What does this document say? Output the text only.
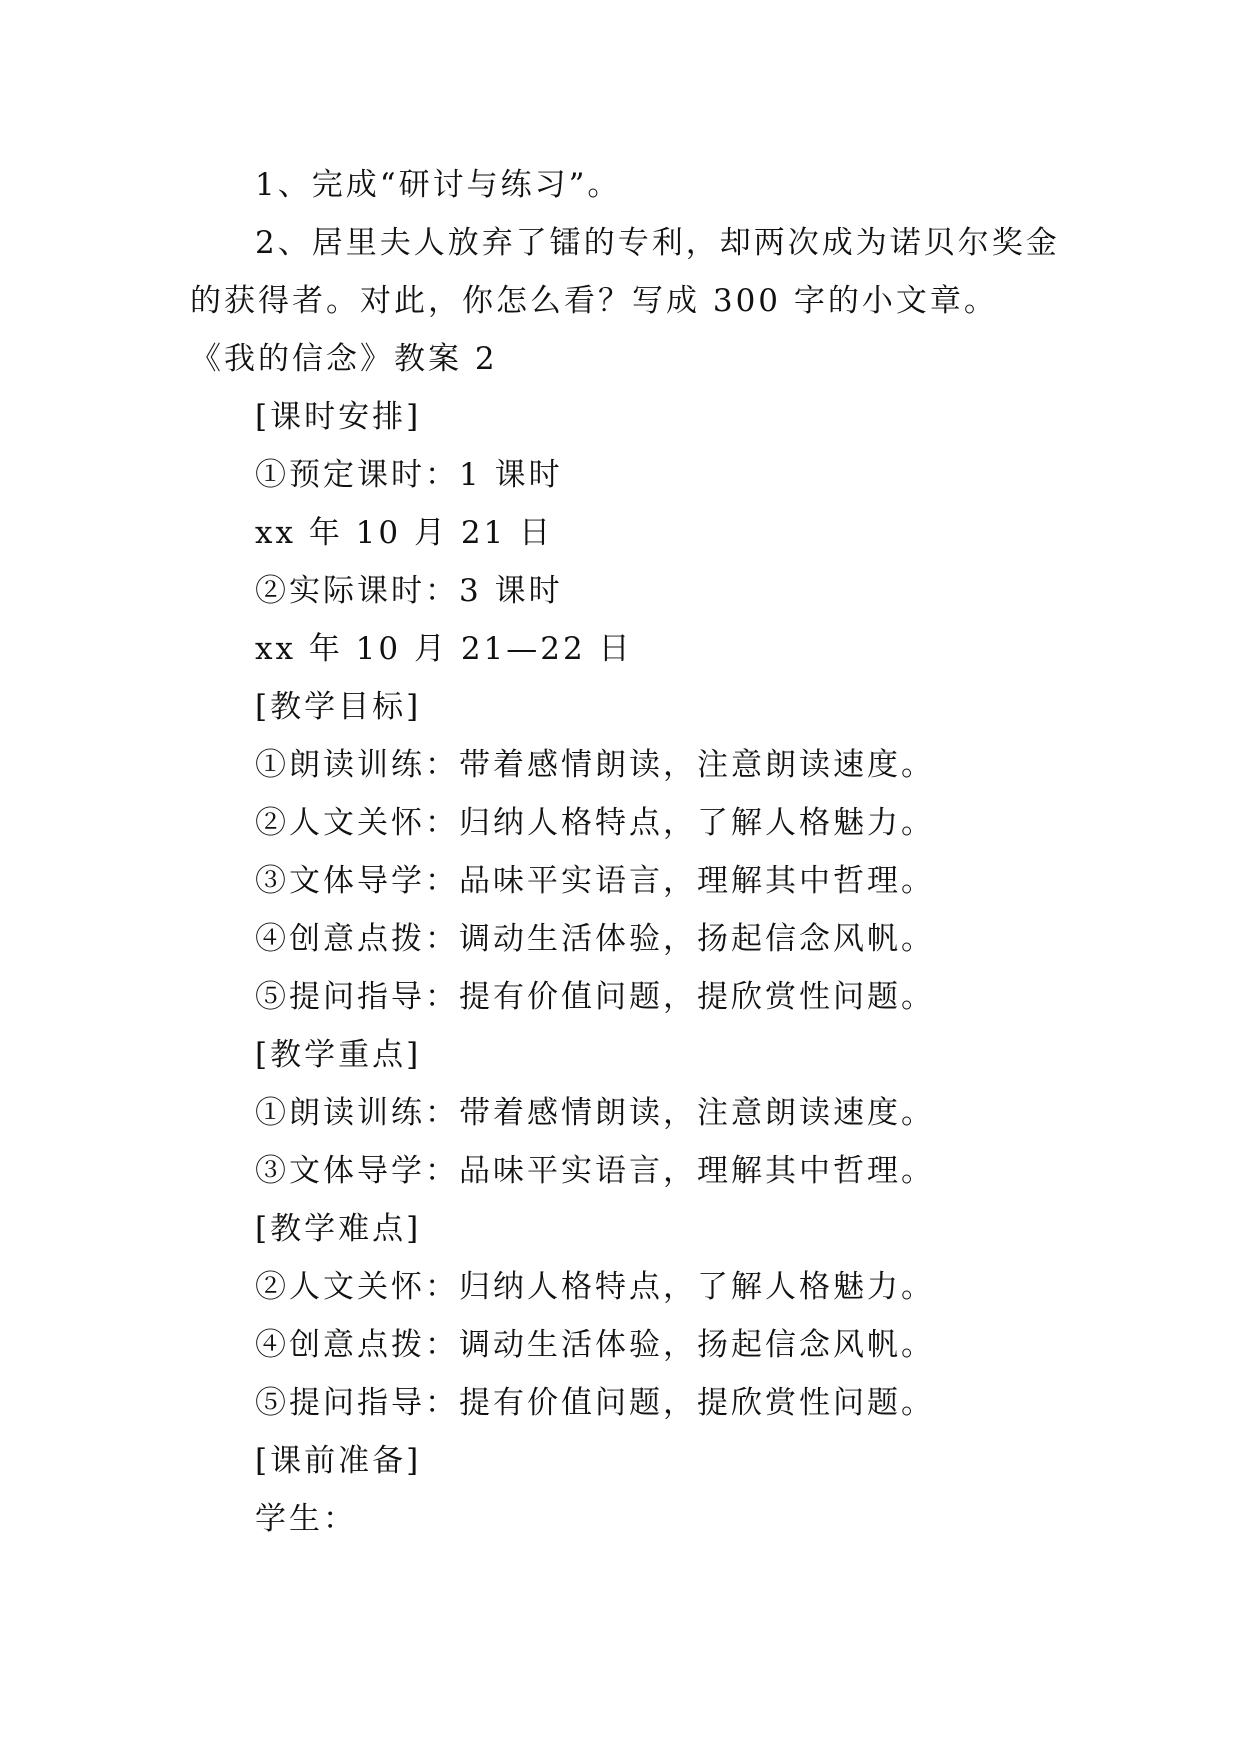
1、完成“研讨与练习”。
2、居里夫人放弃了镭的专利，却两次成为诺贝尔奖金
的获得者。对此，你怎么看？写成 300 字的小文章。
《我的信念》教案 2
[课时安排]
①预定课时：1 课时
xx 年 10 月 21 日
②实际课时：3 课时
xx 年 10 月 21—22 日
[教学目标]
①朗读训练：带着感情朗读，注意朗读速度。
②人文关怀：归纳人格特点，了解人格魅力。
③文体导学：品味平实语言，理解其中哲理。
④创意点拨：调动生活体验，扬起信念风帆。
⑤提问指导：提有价值问题，提欣赏性问题。
[教学重点]
①朗读训练：带着感情朗读，注意朗读速度。
③文体导学：品味平实语言，理解其中哲理。
[教学难点]
②人文关怀：归纳人格特点，了解人格魅力。
④创意点拨：调动生活体验，扬起信念风帆。
⑤提问指导：提有价值问题，提欣赏性问题。
[课前准备]
学生：
